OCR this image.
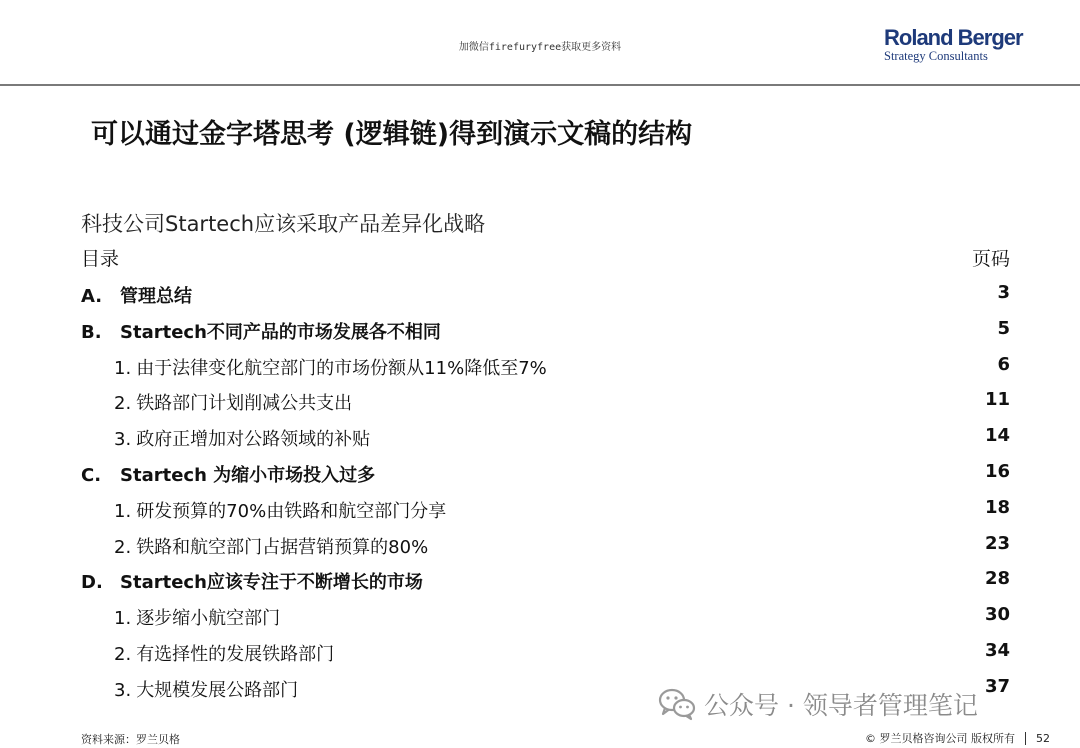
加微信firefuryfree获取更多资料	Roland Berger
Strategy Consultants
可以通过金字塔思考 (逻辑链)得到演示文稿的结构
科技公司Startech应该采取产品差异化战略
目录	页码
A. 管理总结	3
B. Startech不同产品的市场发展各不相同	5
1. 由于法律变化航空部门的市场份额从11%降低至7%	6
2. 铁路部门计划削减公共支出	11
3. 政府正增加对公路领域的补贴	14
C. Startech 为缩小市场投入过多	16
1. 研发预算的70%由铁路和航空部门分享	18
2. 铁路和航空部门占据营销预算的80%	23
D. Startech应该专注于不断增长的市场	28
1. 逐步缩小航空部门	30
2. 有选择性的发展铁路部门	34
3. 大规模发展公路部门	37
公众号 · 领导者管理笔记
资料来源：罗兰贝格	© 罗兰贝格咨询公司 版权所有 52
